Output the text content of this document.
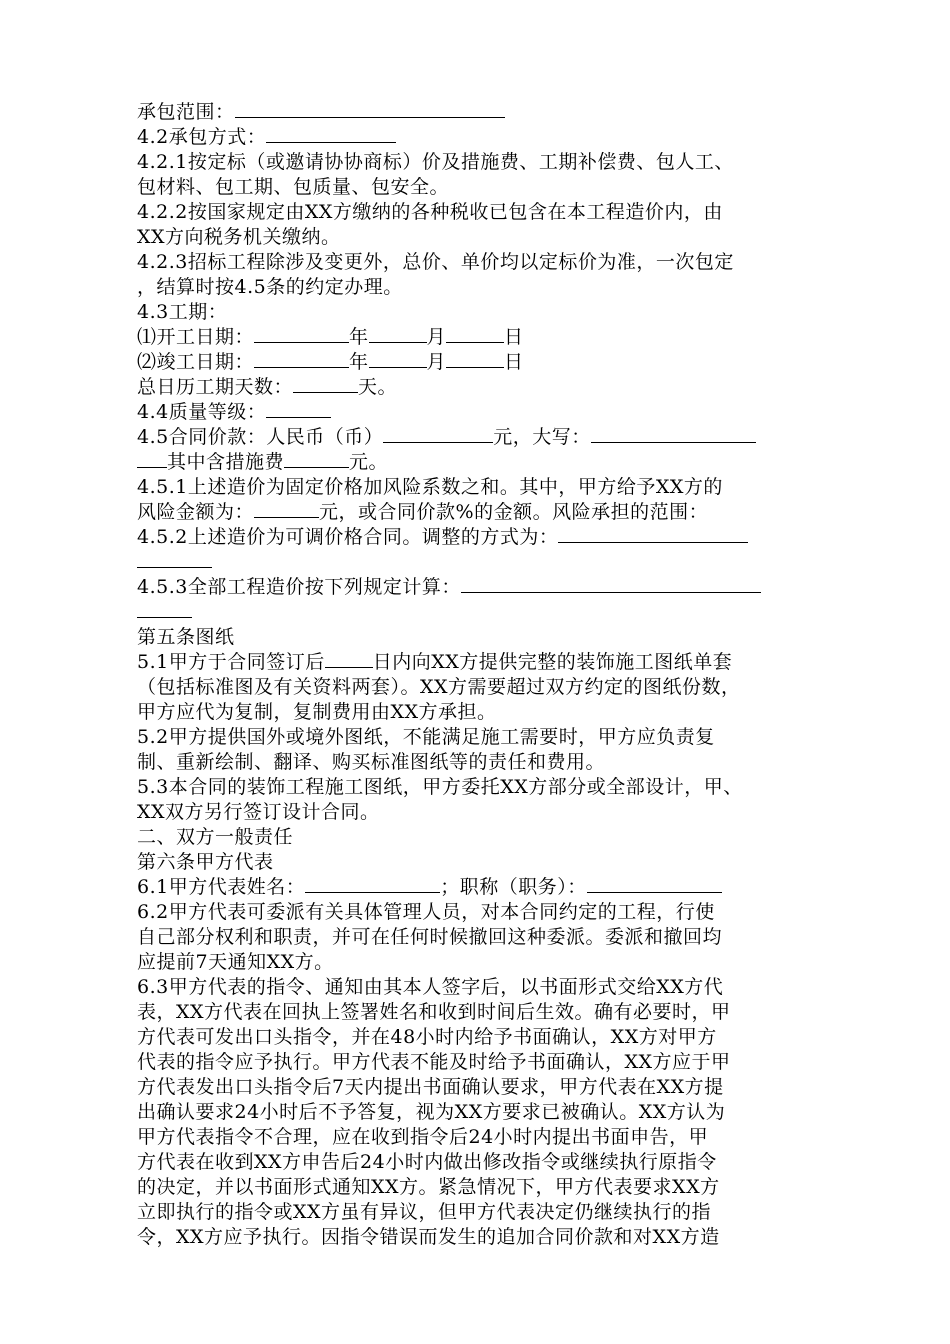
承包范围：
4.2承包方式：
4.2.1按定标（或邀请协协商标）价及措施费、工期补偿费、包人工、
包材料、包工期、包质量、包安全。
4.2.2按国家规定由XX方缴纳的各种税收已包含在本工程造价内，由
XX方向税务机关缴纳。
4.2.3招标工程除涉及变更外，总价、单价均以定标价为准，一次包定
，结算时按4.5条的约定办理。
4.3工期：
⑴开工日期：	年	月	日
⑵竣工日期：	年	月	日
总日历工期天数：	天。
4.4质量等级：
4.5合同价款：人民币（币）	元，大写：
其中含措施费	元。
4.5.1上述造价为固定价格加风险系数之和。其中，甲方给予XX方的
风险金额为：	元，或合同价款%的金额。风险承担的范围：
4.5.2上述造价为可调价格合同。调整的方式为：
4.5.3全部工程造价按下列规定计算：
第五条图纸
5.1甲方于合同签订后	日内向XX方提供完整的装饰施工图纸单套
（包括标准图及有关资料两套）。XX方需要超过双方约定的图纸份数，
甲方应代为复制，复制费用由XX方承担。
5.2甲方提供国外或境外图纸，不能满足施工需要时，甲方应负责复
制、重新绘制、翻译、购买标准图纸等的责任和费用。
5.3本合同的装饰工程施工图纸，甲方委托XX方部分或全部设计，甲、
XX双方另行签订设计合同。
二、双方一般责任
第六条甲方代表
6.1甲方代表姓名：	；职称（职务）：
6.2甲方代表可委派有关具体管理人员，对本合同约定的工程，行使
自己部分权利和职责，并可在任何时候撤回这种委派。委派和撤回均
应提前7天通知XX方。
6.3甲方代表的指令、通知由其本人签字后，以书面形式交给XX方代
表，XX方代表在回执上签署姓名和收到时间后生效。确有必要时，甲
方代表可发出口头指令，并在48小时内给予书面确认，XX方对甲方
代表的指令应予执行。甲方代表不能及时给予书面确认，XX方应于甲
方代表发出口头指令后7天内提出书面确认要求，甲方代表在XX方提
出确认要求24小时后不予答复，视为XX方要求已被确认。XX方认为
甲方代表指令不合理，应在收到指令后24小时内提出书面申告，甲
方代表在收到XX方申告后24小时内做出修改指令或继续执行原指令
的决定，并以书面形式通知XX方。紧急情况下，甲方代表要求XX方
立即执行的指令或XX方虽有异议，但甲方代表决定仍继续执行的指
令，XX方应予执行。因指令错误而发生的追加合同价款和对XX方造
